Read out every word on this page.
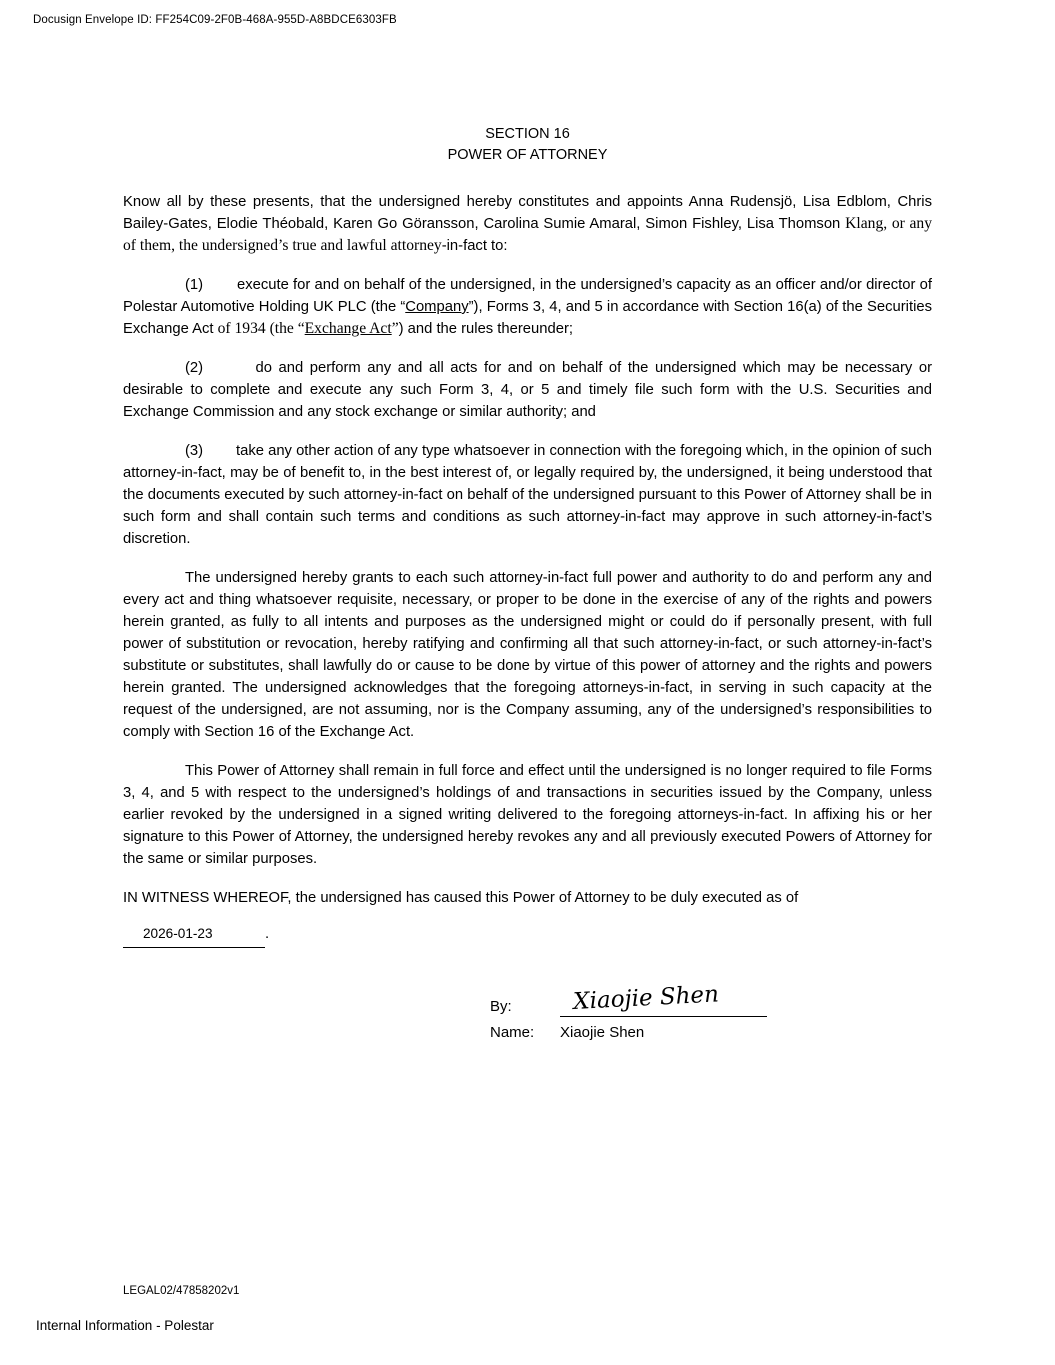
Docusign Envelope ID: FF254C09-2F0B-468A-955D-A8BDCE6303FB
SECTION 16
POWER OF ATTORNEY

Know all by these presents, that the undersigned hereby constitutes and appoints Anna Rudensjö, Lisa Edblom, Chris Bailey-Gates, Elodie Théobald, Karen Go Göransson, Carolina Sumie Amaral, Simon Fishley, Lisa Thomson Klang, or any of them, the undersigned’s true and lawful attorney-in-fact to:

(1)        execute for and on behalf of the undersigned, in the undersigned’s capacity as an officer and/or director of Polestar Automotive Holding UK PLC (the “Company”), Forms 3, 4, and 5 in accordance with Section 16(a) of the Securities Exchange Act of 1934 (the “Exchange Act”) and the rules thereunder;

(2)        do and perform any and all acts for and on behalf of the undersigned which may be necessary or desirable to complete and execute any such Form 3, 4, or 5 and timely file such form with the U.S. Securities and Exchange Commission and any stock exchange or similar authority; and

(3)        take any other action of any type whatsoever in connection with the foregoing which, in the opinion of such attorney-in-fact, may be of benefit to, in the best interest of, or legally required by, the undersigned, it being understood that the documents executed by such attorney-in-fact on behalf of the undersigned pursuant to this Power of Attorney shall be in such form and shall contain such terms and conditions as such attorney-in-fact may approve in such attorney-in-fact’s discretion.

The undersigned hereby grants to each such attorney-in-fact full power and authority to do and perform any and every act and thing whatsoever requisite, necessary, or proper to be done in the exercise of any of the rights and powers herein granted, as fully to all intents and purposes as the undersigned might or could do if personally present, with full power of substitution or revocation, hereby ratifying and confirming all that such attorney-in-fact, or such attorney-in-fact’s substitute or substitutes, shall lawfully do or cause to be done by virtue of this power of attorney and the rights and powers herein granted. The undersigned acknowledges that the foregoing attorneys-in-fact, in serving in such capacity at the request of the undersigned, are not assuming, nor is the Company assuming, any of the undersigned’s responsibilities to comply with Section 16 of the Exchange Act.

This Power of Attorney shall remain in full force and effect until the undersigned is no longer required to file Forms 3, 4, and 5 with respect to the undersigned’s holdings of and transactions in securities issued by the Company, unless earlier revoked by the undersigned in a signed writing delivered to the foregoing attorneys-in-fact. In affixing his or her signature to this Power of Attorney, the undersigned hereby revokes any and all previously executed Powers of Attorney for the same or similar purposes.

IN WITNESS WHEREOF, the undersigned has caused this Power of Attorney to be duly executed as of

2026-01-23	.
By:	Xiaojie Shen
Name:	Xiaojie Shen
LEGAL02/47858202v1
Internal Information - Polestar
